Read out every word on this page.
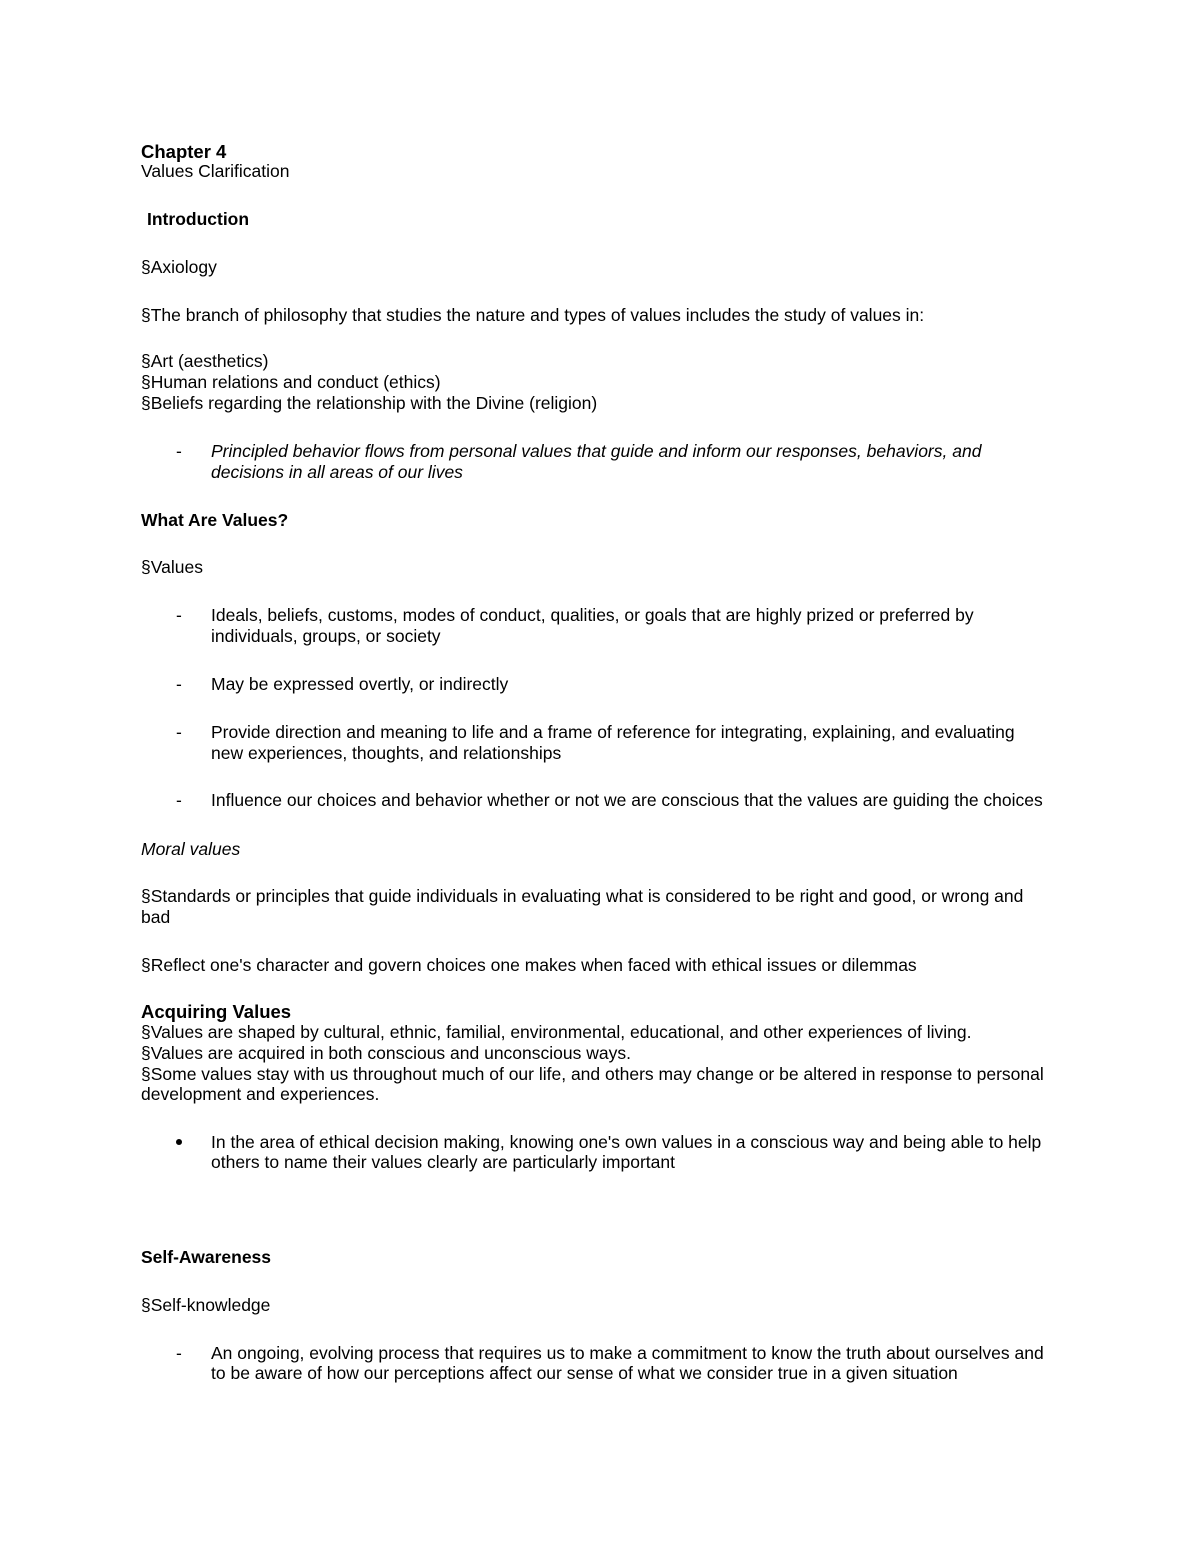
Chapter 4
Values Clarification
Introduction
§Axiology
§The branch of philosophy that studies the nature and types of values includes the study of values in:
§Art (aesthetics)
§Human relations and conduct (ethics)
§Beliefs regarding the relationship with the Divine (religion)
- Principled behavior flows from personal values that guide and inform our responses, behaviors, and
decisions in all areas of our lives
What Are Values?
§Values
- Ideals, beliefs, customs, modes of conduct, qualities, or goals that are highly prized or preferred by
individuals, groups, or society
- May be expressed overtly, or indirectly
- Provide direction and meaning to life and a frame of reference for integrating, explaining, and evaluating
new experiences, thoughts, and relationships
- Influence our choices and behavior whether or not we are conscious that the values are guiding the choices
Moral values
§Standards or principles that guide individuals in evaluating what is considered to be right and good, or wrong and
bad
§Reflect one's character and govern choices one makes when faced with ethical issues or dilemmas
Acquiring Values
§Values are shaped by cultural, ethnic, familial, environmental, educational, and other experiences of living.
§Values are acquired in both conscious and unconscious ways.
§Some values stay with us throughout much of our life, and others may change or be altered in response to personal
development and experiences.
In the area of ethical decision making, knowing one's own values in a conscious way and being able to help
others to name their values clearly are particularly important
Self-Awareness
§Self-knowledge
- An ongoing, evolving process that requires us to make a commitment to know the truth about ourselves and
to be aware of how our perceptions affect our sense of what we consider true in a given situation
